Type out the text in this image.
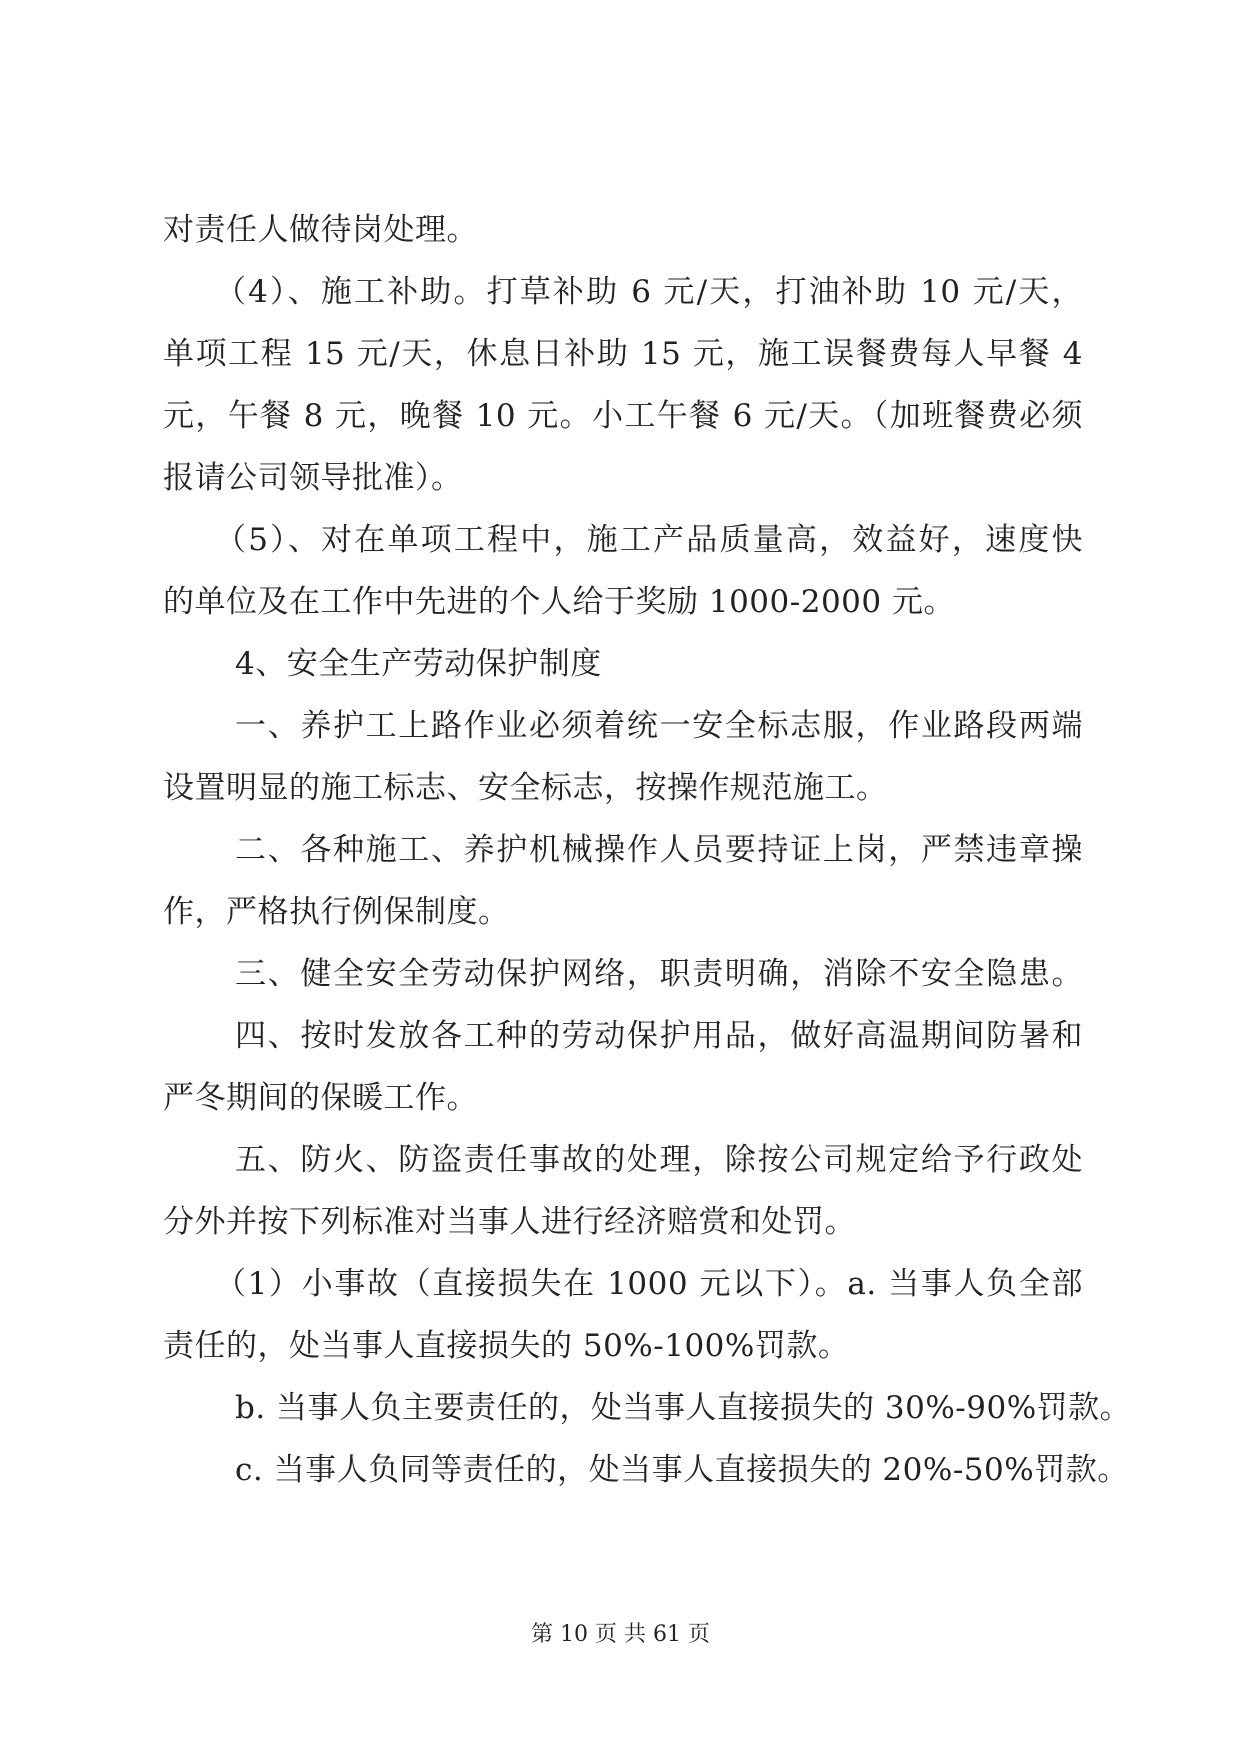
对责任人做待岗处理。
（4）、施工补助。打草补助 6 元/天，打油补助 10 元/天，
单项工程 15 元/天，休息日补助 15 元，施工误餐费每人早餐 4
元，午餐 8 元，晚餐 10 元。小工午餐 6 元/天。（加班餐费必须
报请公司领导批准）。
（5）、对在单项工程中，施工产品质量高，效益好，速度快
的单位及在工作中先进的个人给于奖励 1000-2000 元。
4、安全生产劳动保护制度
一、养护工上路作业必须着统一安全标志服，作业路段两端
设置明显的施工标志、安全标志，按操作规范施工。
二、各种施工、养护机械操作人员要持证上岗，严禁违章操
作，严格执行例保制度。
三、健全安全劳动保护网络，职责明确，消除不安全隐患。
四、按时发放各工种的劳动保护用品，做好高温期间防暑和
严冬期间的保暖工作。
五、防火、防盗责任事故的处理，除按公司规定给予行政处
分外并按下列标准对当事人进行经济赔赏和处罚。
（1）小事故（直接损失在 1000 元以下）。a. 当事人负全部
责任的，处当事人直接损失的 50%-100%罚款。
b. 当事人负主要责任的，处当事人直接损失的 30%-90%罚款。
c. 当事人负同等责任的，处当事人直接损失的 20%-50%罚款。
第 10 页 共 61 页
